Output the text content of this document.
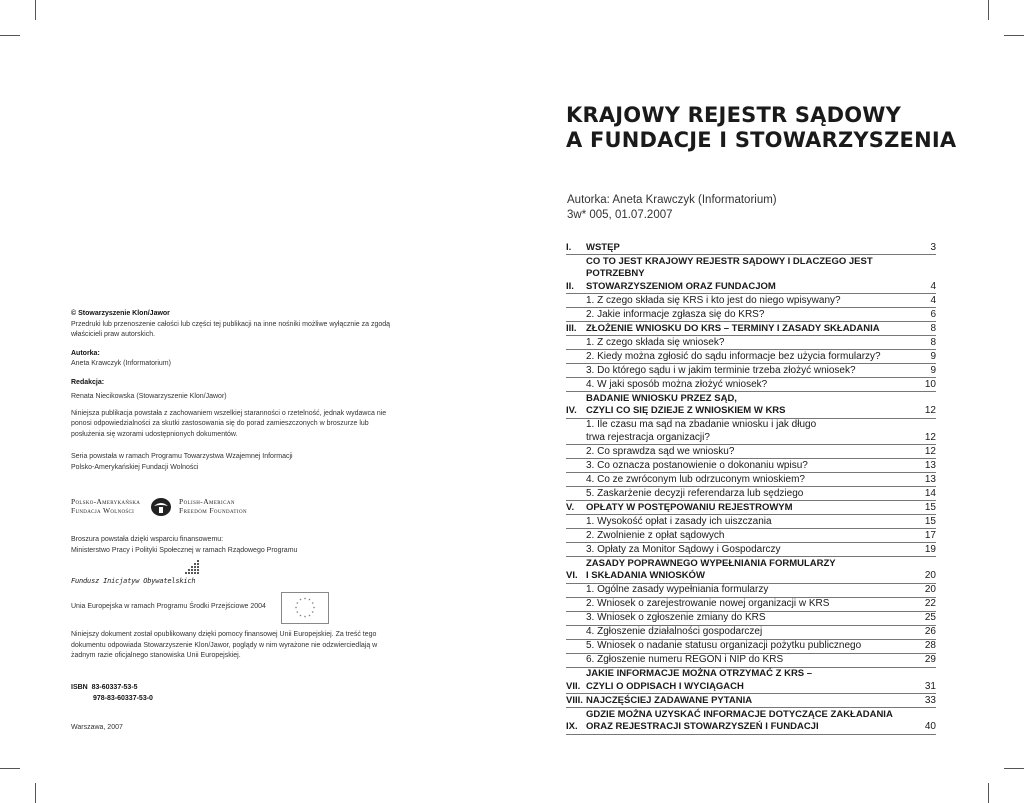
© Stowarzyszenie Klon/Jawor

Przedruki lub przenoszenie całości lub części tej publikacji na inne nośniki możliwe wyłącznie za zgodą właścicieli praw autorskich.

Autorka:

Aneta Krawczyk (Informatorium)

Redakcja:

Renata Niecikowska (Stowarzyszenie Klon/Jawor)

Niniejsza publikacja powstała z zachowaniem wszelkiej staranności o rzetelność, jednak wydawca nie ponosi odpowiedzialności za skutki zastosowania się do porad zamieszczonych w broszurze lub posłużenia się wzorami udostępnionych dokumentów.

Seria powstała w ramach Programu Towarzystwa Wzajemnej Informacji

Polsko-Amerykańskiej Fundacji Wolności

Polsko-Amerykańska
Fundacja Wolności
Polish-American
Freedom Foundation
Broszura powstała dzięki wsparciu finansowemu:
Ministerstwo Pracy i Polityki Społecznej w ramach Rządowego Programu
Fundusz Inicjatyw Obywatelskich
Unia Europejska w ramach Programu Środki Przejściowe 2004
* *
*
*
*
*
*
*
*
*
*
*
Niniejszy dokument został opublikowany dzięki pomocy finansowej Unii Europejskiej. Za treść tego dokumentu odpowiada Stowarzyszenie Klon/Jawor, poglądy w nim wyrażone nie odzwierciedlają w żadnym razie oficjalnego stanowiska Unii Europejskiej.
ISBN 83-60337-53-5
978-83-60337-53-0
Warszawa, 2007
KRAJOWY REJESTR SĄDOWY
A FUNDACJE I STOWARZYSZENIA
Autorka: Aneta Krawczyk (Informatorium)
3w* 005, 01.07.2007
I.	WSTĘP	3
II.
CO TO JEST KRAJOWY REJESTR SĄDOWY I DLACZEGO JEST POTRZEBNY
STOWARZYSZENIOM ORAZ FUNDACJOM	4
1. Z czego składa się KRS i kto jest do niego wpisywany?	4
2. Jakie informacje zgłasza się do KRS?	6
III. ZŁOŻENIE WNIOSKU DO KRS – TERMINY I ZASADY SKŁADANIA	8
1. Z czego składa się wniosek?	8
2. Kiedy można zgłosić do sądu informacje bez użycia formularzy?	9
3. Do którego sądu i w jakim terminie trzeba złożyć wniosek?	9
4. W jaki sposób można złożyć wniosek?	10
IV.
BADANIE WNIOSKU PRZEZ SĄD,
CZYLI CO SIĘ DZIEJE Z WNIOSKIEM W KRS	12
1. Ile czasu ma sąd na zbadanie wniosku i jak długo
trwa rejestracja organizacji?	12
2. Co sprawdza sąd we wniosku?	12
3. Co oznacza postanowienie o dokonaniu wpisu?	13
4. Co ze zwróconym lub odrzuconym wnioskiem?	13
5. Zaskarżenie decyzji referendarza lub sędziego	14
V.	OPŁATY W POSTĘPOWANIU REJESTROWYM	15
1. Wysokość opłat i zasady ich uiszczania	15
2. Zwolnienie z opłat sądowych	17
3. Opłaty za Monitor Sądowy i Gospodarczy	19
VI.
ZASADY POPRAWNEGO WYPEŁNIANIA FORMULARZY
I SKŁADANIA WNIOSKÓW	20
1. Ogólne zasady wypełniania formularzy	20
2. Wniosek o zarejestrowanie nowej organizacji w KRS	22
3. Wniosek o zgłoszenie zmiany do KRS	25
4. Zgłoszenie działalności gospodarczej	26
5. Wniosek o nadanie statusu organizacji pożytku publicznego	28
6. Zgłoszenie numeru REGON i NIP do KRS	29
VII.
JAKIE INFORMACJE MOŻNA OTRZYMAĆ Z KRS –
CZYLI O ODPISACH I WYCIĄGACH	31
VIII. NAJCZĘŚCIEJ ZADAWANE PYTANIA	33
IX.
GDZIE MOŻNA UZYSKAĆ INFORMACJE DOTYCZĄCE ZAKŁADANIA
ORAZ REJESTRACJI STOWARZYSZEŃ I FUNDACJI	40
